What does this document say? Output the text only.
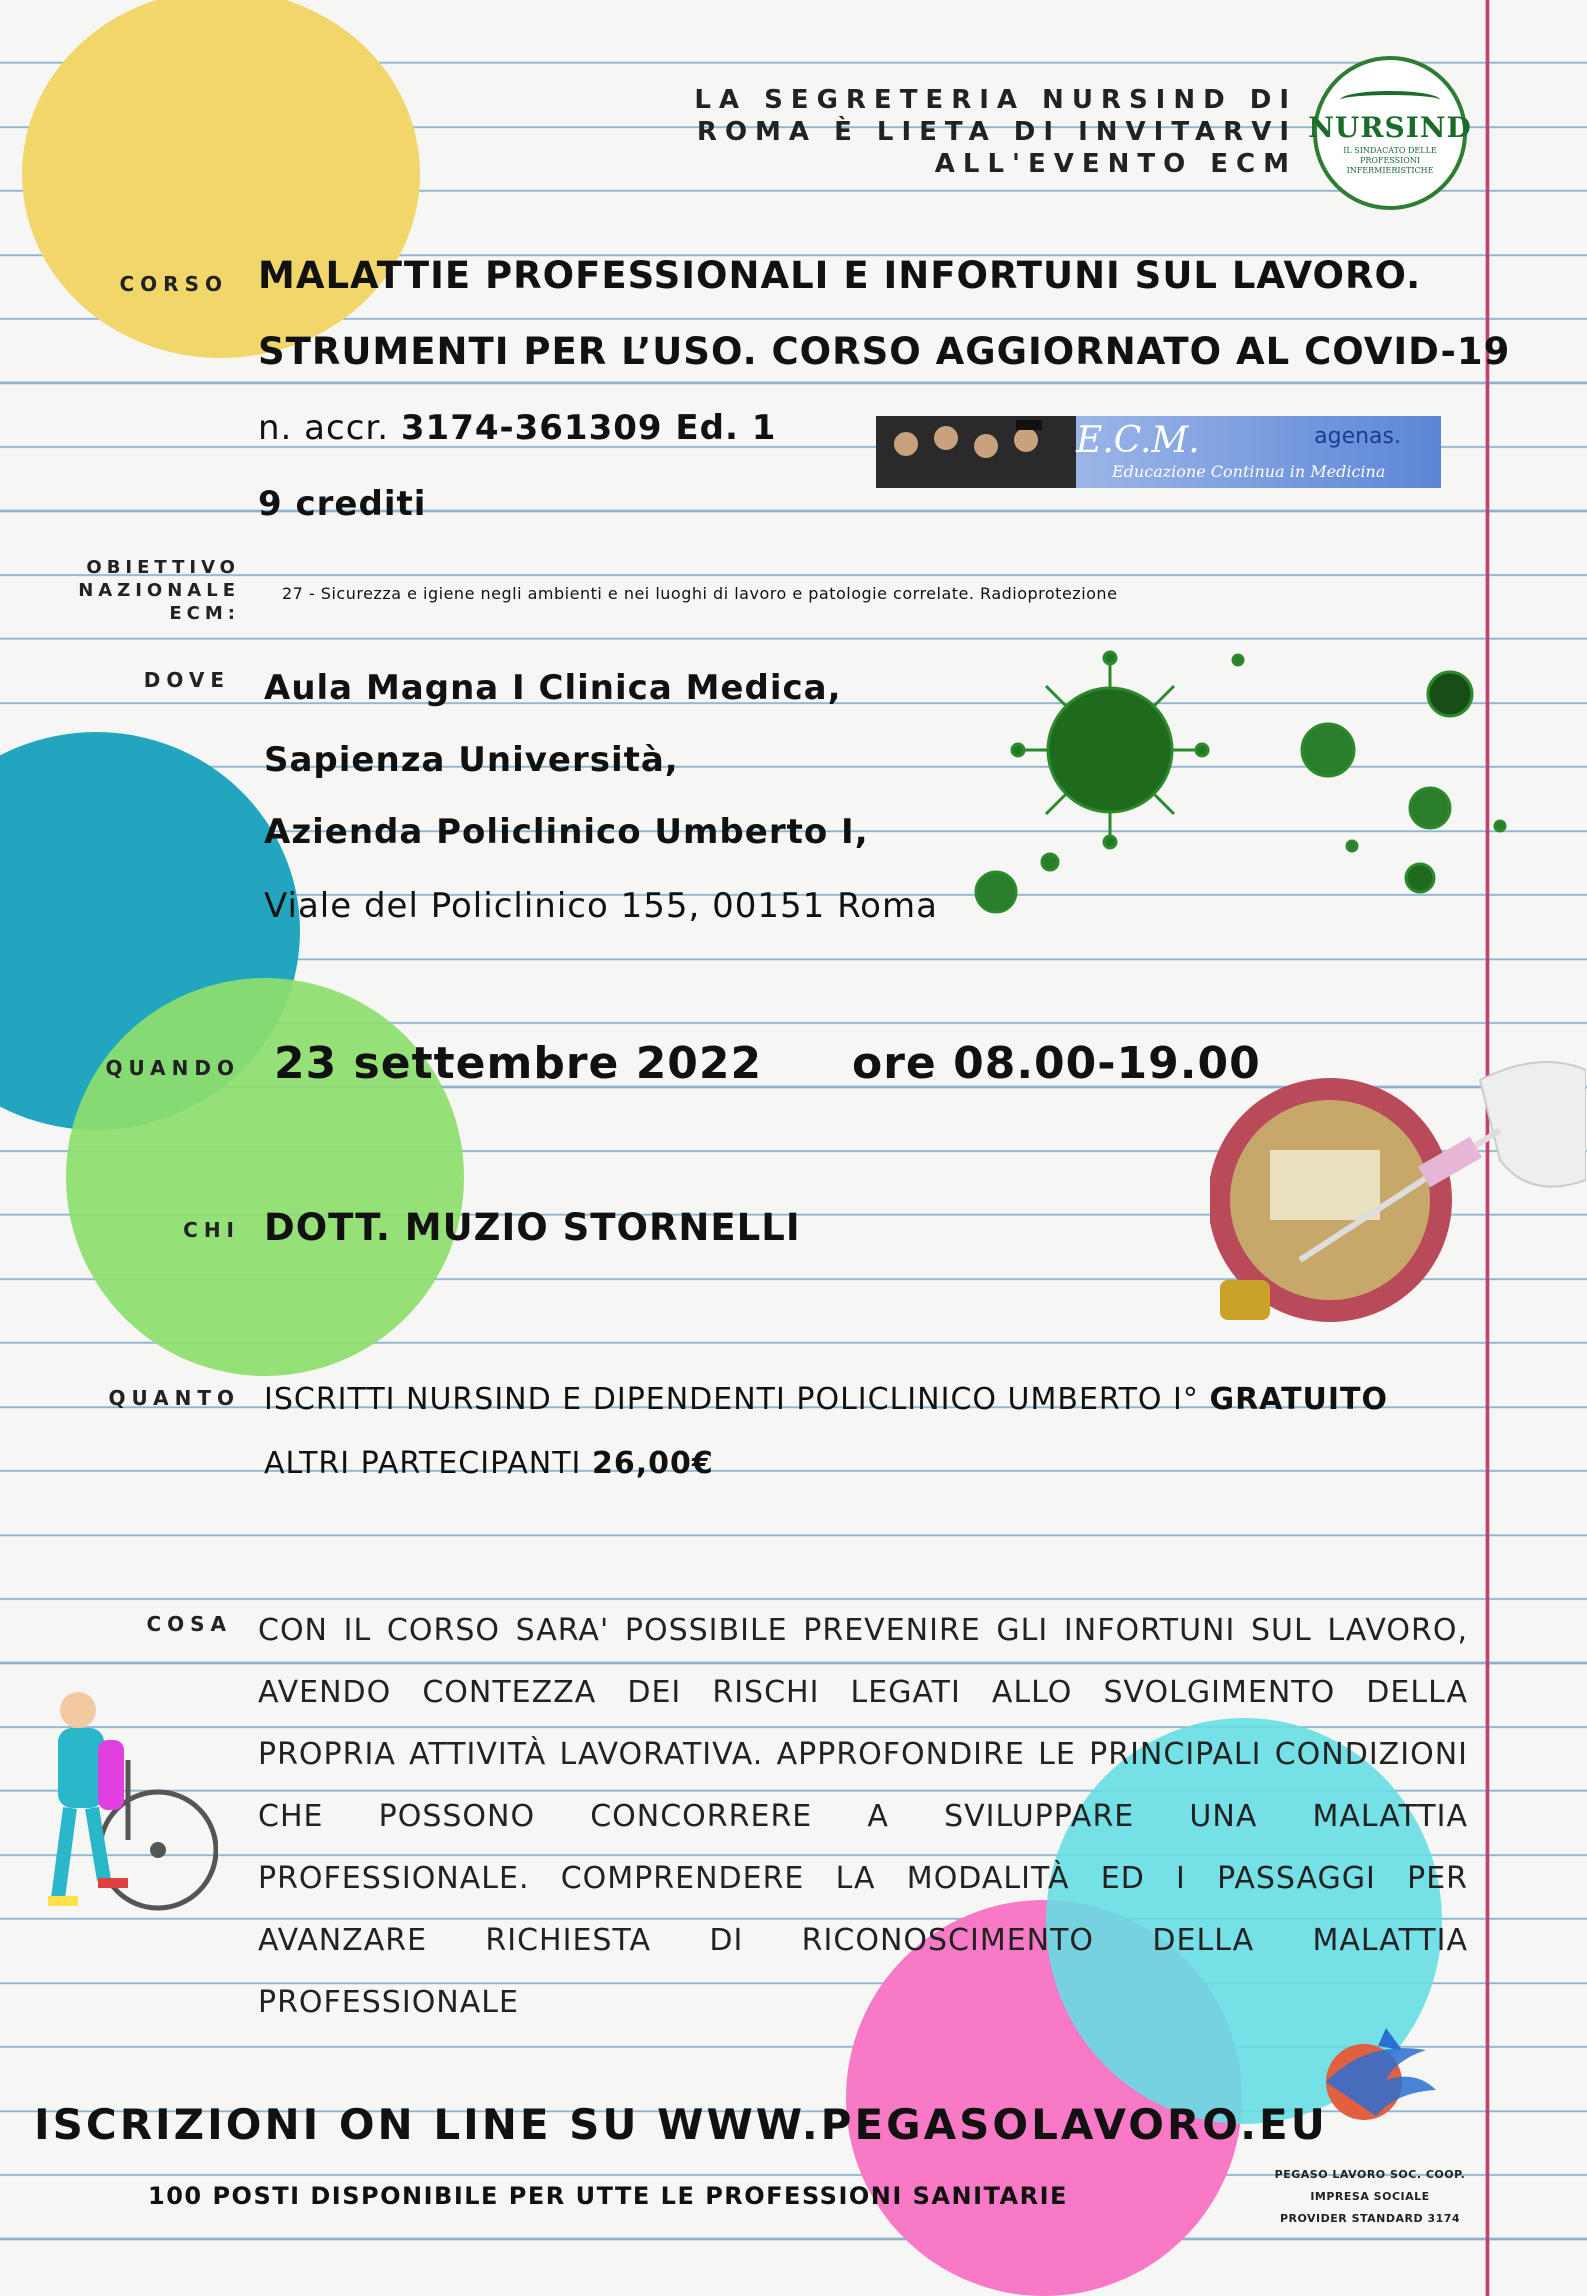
LA SEGRETERIA NURSIND DI
ROMA È LIETA DI INVITARVI
ALL'EVENTO ECM
NURSIND
IL SINDACATO DELLE PROFESSIONI INFERMIERISTICHE
CORSO MALATTIE PROFESSIONALI E INFORTUNI SUL LAVORO.
STRUMENTI PER L’USO. CORSO AGGIORNATO AL COVID-19
n. accr. 3174-361309 Ed. 1
9 crediti
E.C.M.
Educazione Continua in Medicina
agenas.
OBIETTIVO
NAZIONALE
ECM:
27 - Sicurezza e igiene negli ambienti e nei luoghi di lavoro e patologie correlate. Radioprotezione
DOVE Aula Magna I Clinica Medica,
Sapienza Università,
Azienda Policlinico Umberto I,
Viale del Policlinico 155, 00151 Roma
QUANDO 23 settembre 2022 ore 08.00-19.00
CHI DOTT. MUZIO STORNELLI
QUANTO ISCRITTI NURSIND E DIPENDENTI POLICLINICO UMBERTO I° GRATUITO
ALTRI PARTECIPANTI 26,00€
COSA CON IL CORSO SARA' POSSIBILE PREVENIRE GLI INFORTUNI SUL LAVORO, AVENDO CONTEZZA DEI RISCHI LEGATI ALLO SVOLGIMENTO DELLA PROPRIA ATTIVITÀ LAVORATIVA. APPROFONDIRE LE PRINCIPALI CONDIZIONI CHE POSSONO CONCORRERE A SVILUPPARE UNA MALATTIA PROFESSIONALE. COMPRENDERE LA MODALITÀ ED I PASSAGGI PER AVANZARE RICHIESTA DI RICONOSCIMENTO DELLA MALATTIA PROFESSIONALE
ISCRIZIONI ON LINE SU WWW.PEGASOLAVORO.EU
100 POSTI DISPONIBILE PER UTTE LE PROFESSIONI SANITARIE
PEGASO LAVORO SOC. COOP.
IMPRESA SOCIALE
PROVIDER STANDARD 3174
